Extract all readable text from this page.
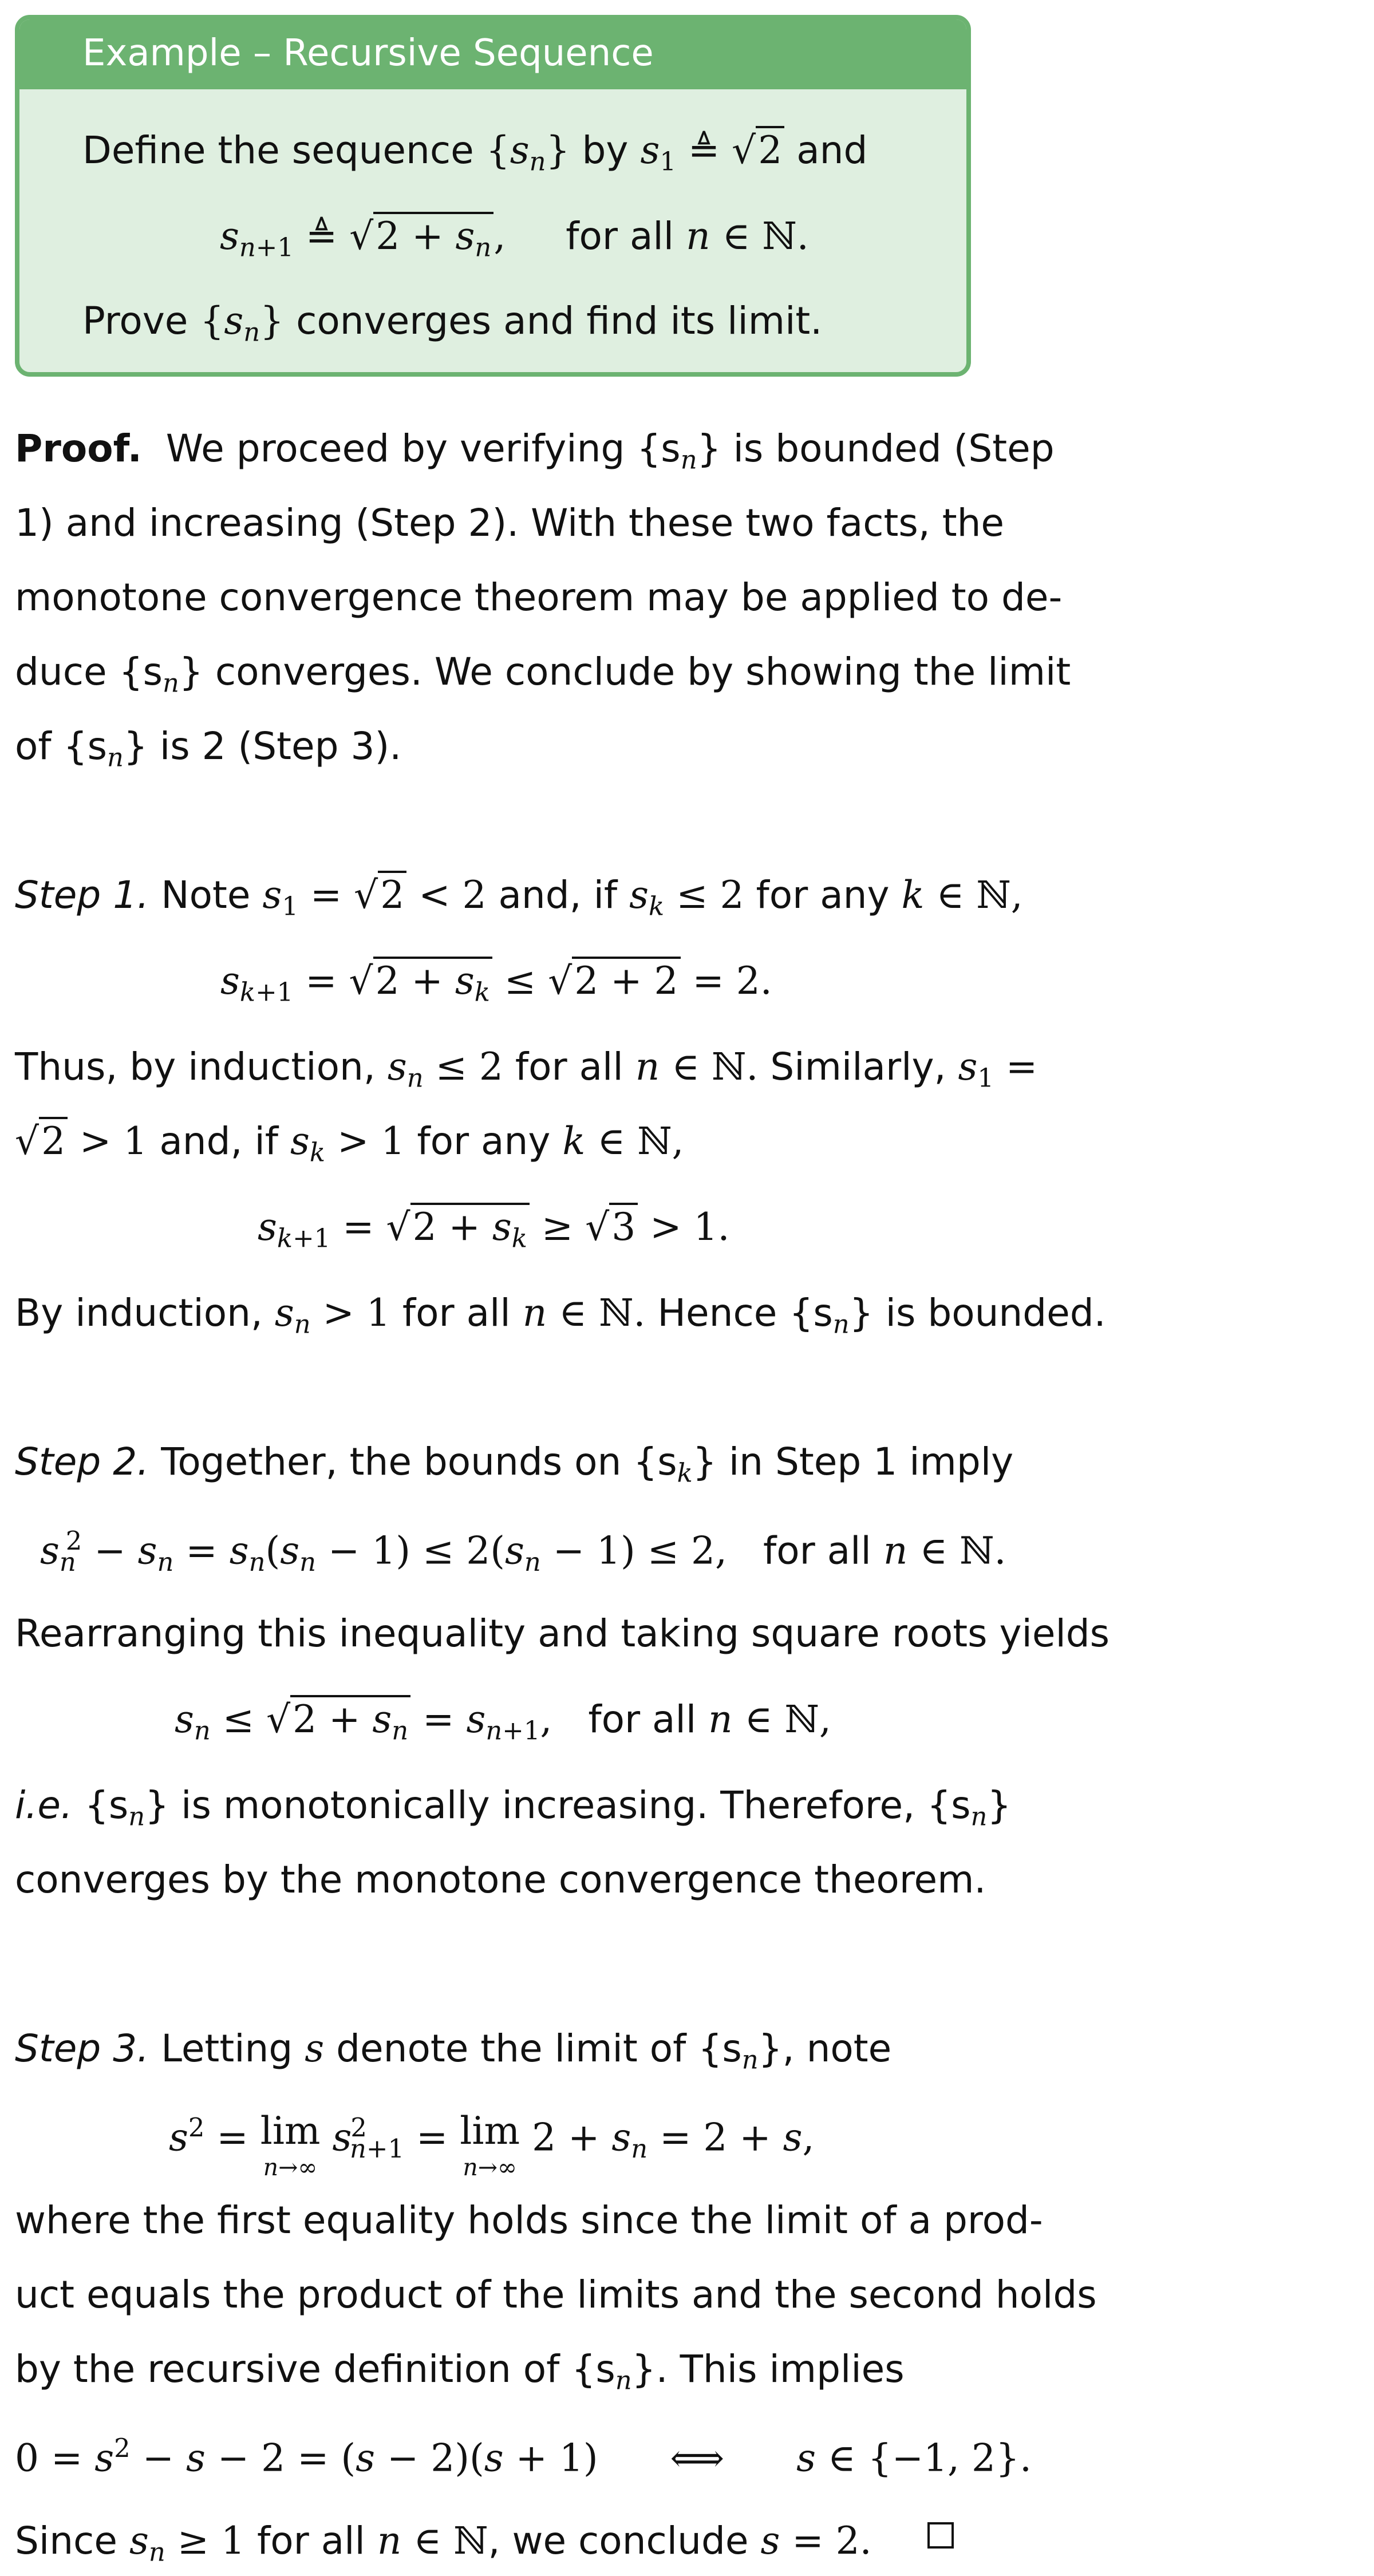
Example – Recursive Sequence
Define the sequence $\{s_n\}$ by $s_1$ ≜ √2 and
$s_{n+1}$ ≜ $√2 + s_n$, for all n ∈ ℕ.
Prove $\{s_n\}$ converges and find its limit.
Proof. We proceed by verifying $\{s_n\}$ is bounded (Step
1) and increasing (Step 2). With these two facts, the
monotone convergence theorem may be applied to de-
duce $\{s_n\}$ converges. We conclude by showing the limit
of $\{s_n\}$ is 2 (Step 3).
Step 1. Note $s_1 = √2 < 2$ and, if $s_k \le 2$ for any k ∈ ℕ,
$s_{k+1} = √2 + s_k \le √2 + 2 = 2$.
Thus, by induction, $s_n \le 2$ for all n ∈ ℕ. Similarly, $s_1$ =
√2 > 1 and, if $s_k > 1$ for any k ∈ ℕ,
$s_{k+1} = √2 + s_k \ge √3 > 1$.
By induction, $s_n > 1$ for all n ∈ ℕ. Hence $\{s_n\}$ is bounded.
Step 2. Together, the bounds on $\{s_k\}$ in Step 1 imply
$s_n^2 - s_n = s_n(s_n - 1) \le 2(s_n - 1) \le 2$, for all n ∈ ℕ.
Rearranging this inequality and taking square roots yields
$s_n \le √2 + s_n = s_{n+1}$, for all n ∈ ℕ,
i.e. $\{s_n\}$ is monotonically increasing. Therefore, $\{s_n\}$
converges by the monotone convergence theorem.
Step 3. Letting s denote the limit of $\{s_n\}$, note
$s^2 = \lim$
n→∞
$s^2_{n+1} = \lim$
n→∞
$2 + s_n = 2 + s$,
where the first equality holds since the limit of a prod-
uct equals the product of the limits and the second holds
by the recursive definition of $\{s_n\}$. This implies
$0 = s^2 - s - 2 = (s - 2)(s + 1)$ ⟺ s ∈ {−1, 2}.
Since $s_n \ge 1$ for all n ∈ ℕ, we conclude s = 2.
